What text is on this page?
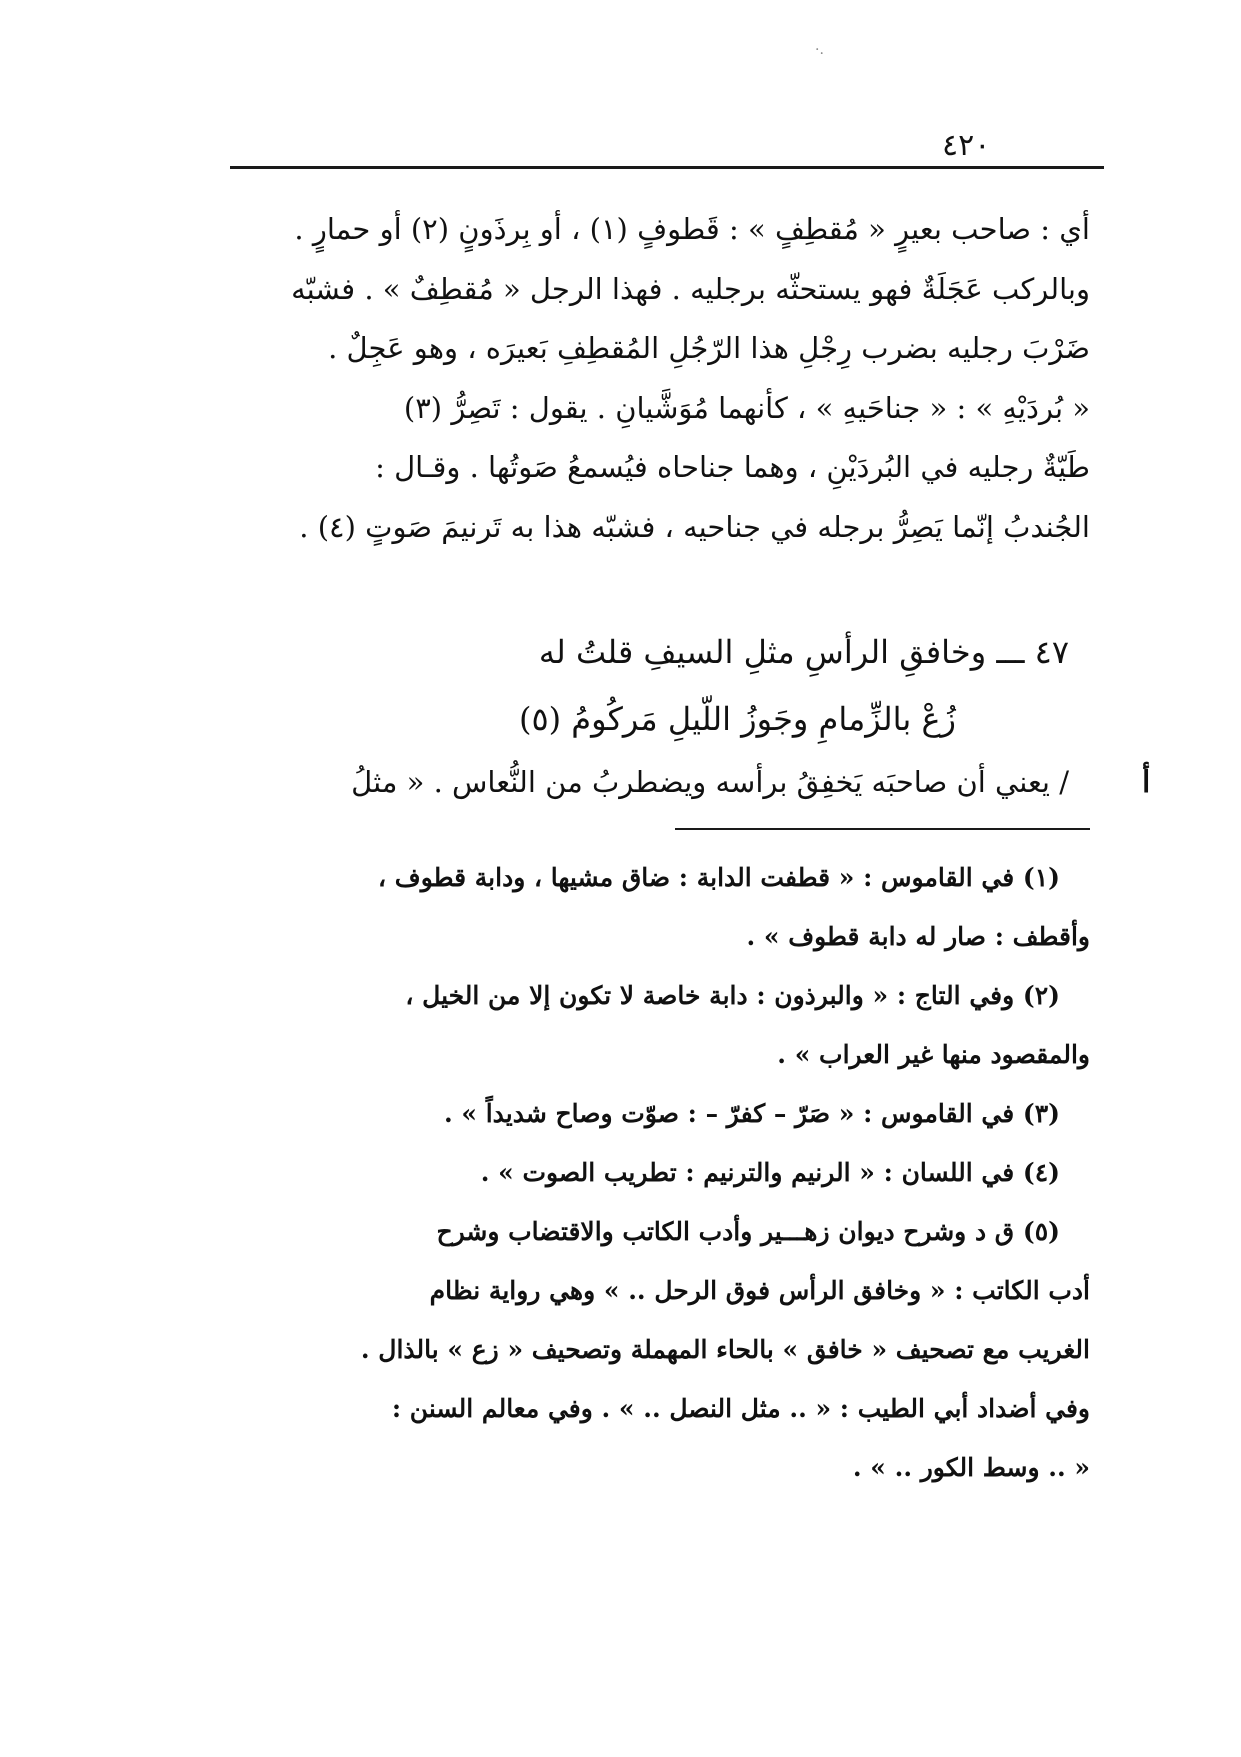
·.
٤٢٠
أي : صاحب بعيرٍ « مُقطِفٍ » : قَطوفٍ (١) ، أو بِرذَونٍ (٢) أو حمارٍ .
وبالركب عَجَلَةٌ فهو يستحثّه برجليه . فهذا الرجل « مُقطِفٌ » . فشبّه
ضَرْبَ رجليه بضرب رِجْلِ هذا الرّجُلِ المُقطِفِ بَعيرَه ، وهو عَجِلٌ .
« بُردَيْهِ » : « جناحَيهِ » ، كأنهما مُوَشَّيانِ . يقول : تَصِرُّ (٣)
طَيّةٌ رجليه في البُردَيْنِ ، وهما جناحاه فيُسمعُ صَوتُها . وقـال :
الجُندبُ إنّما يَصِرُّ برجله في جناحيه ، فشبّه هذا به تَرنيمَ صَوتٍ (٤) .
٤٧ ـــ وخافقِ الرأسِ مثلِ السيفِ قلتُ له
زُعْ بالزِّمامِ وجَوزُ اللّيلِ مَركُومُ (٥)
/ يعني أن صاحبَه يَخفِقُ برأسه ويضطربُ من النُّعاس . « مثلُ أ
(١) في القاموس : « قطفت الدابة : ضاق مشيها ، ودابة قطوف ،
وأقطف : صار له دابة قطوف » .
(٢) وفي التاج : « والبرذون : دابة خاصة لا تكون إلا من الخيل ،
والمقصود منها غير العراب » .
(٣) في القاموس : « صَرّ – كفرّ – : صوّت وصاح شديداً » .
(٤) في اللسان : « الرنيم والترنيم : تطريب الصوت » .
(٥) ق د وشرح ديوان زهـــير وأدب الكاتب والاقتضاب وشرح
أدب الكاتب : « وخافق الرأس فوق الرحل .. » وهي رواية نظام
الغريب مع تصحيف « خافق » بالحاء المهملة وتصحيف « زع » بالذال .
وفي أضداد أبي الطيب : « .. مثل النصل .. » . وفي معالم السنن :
« .. وسط الكور .. » .
